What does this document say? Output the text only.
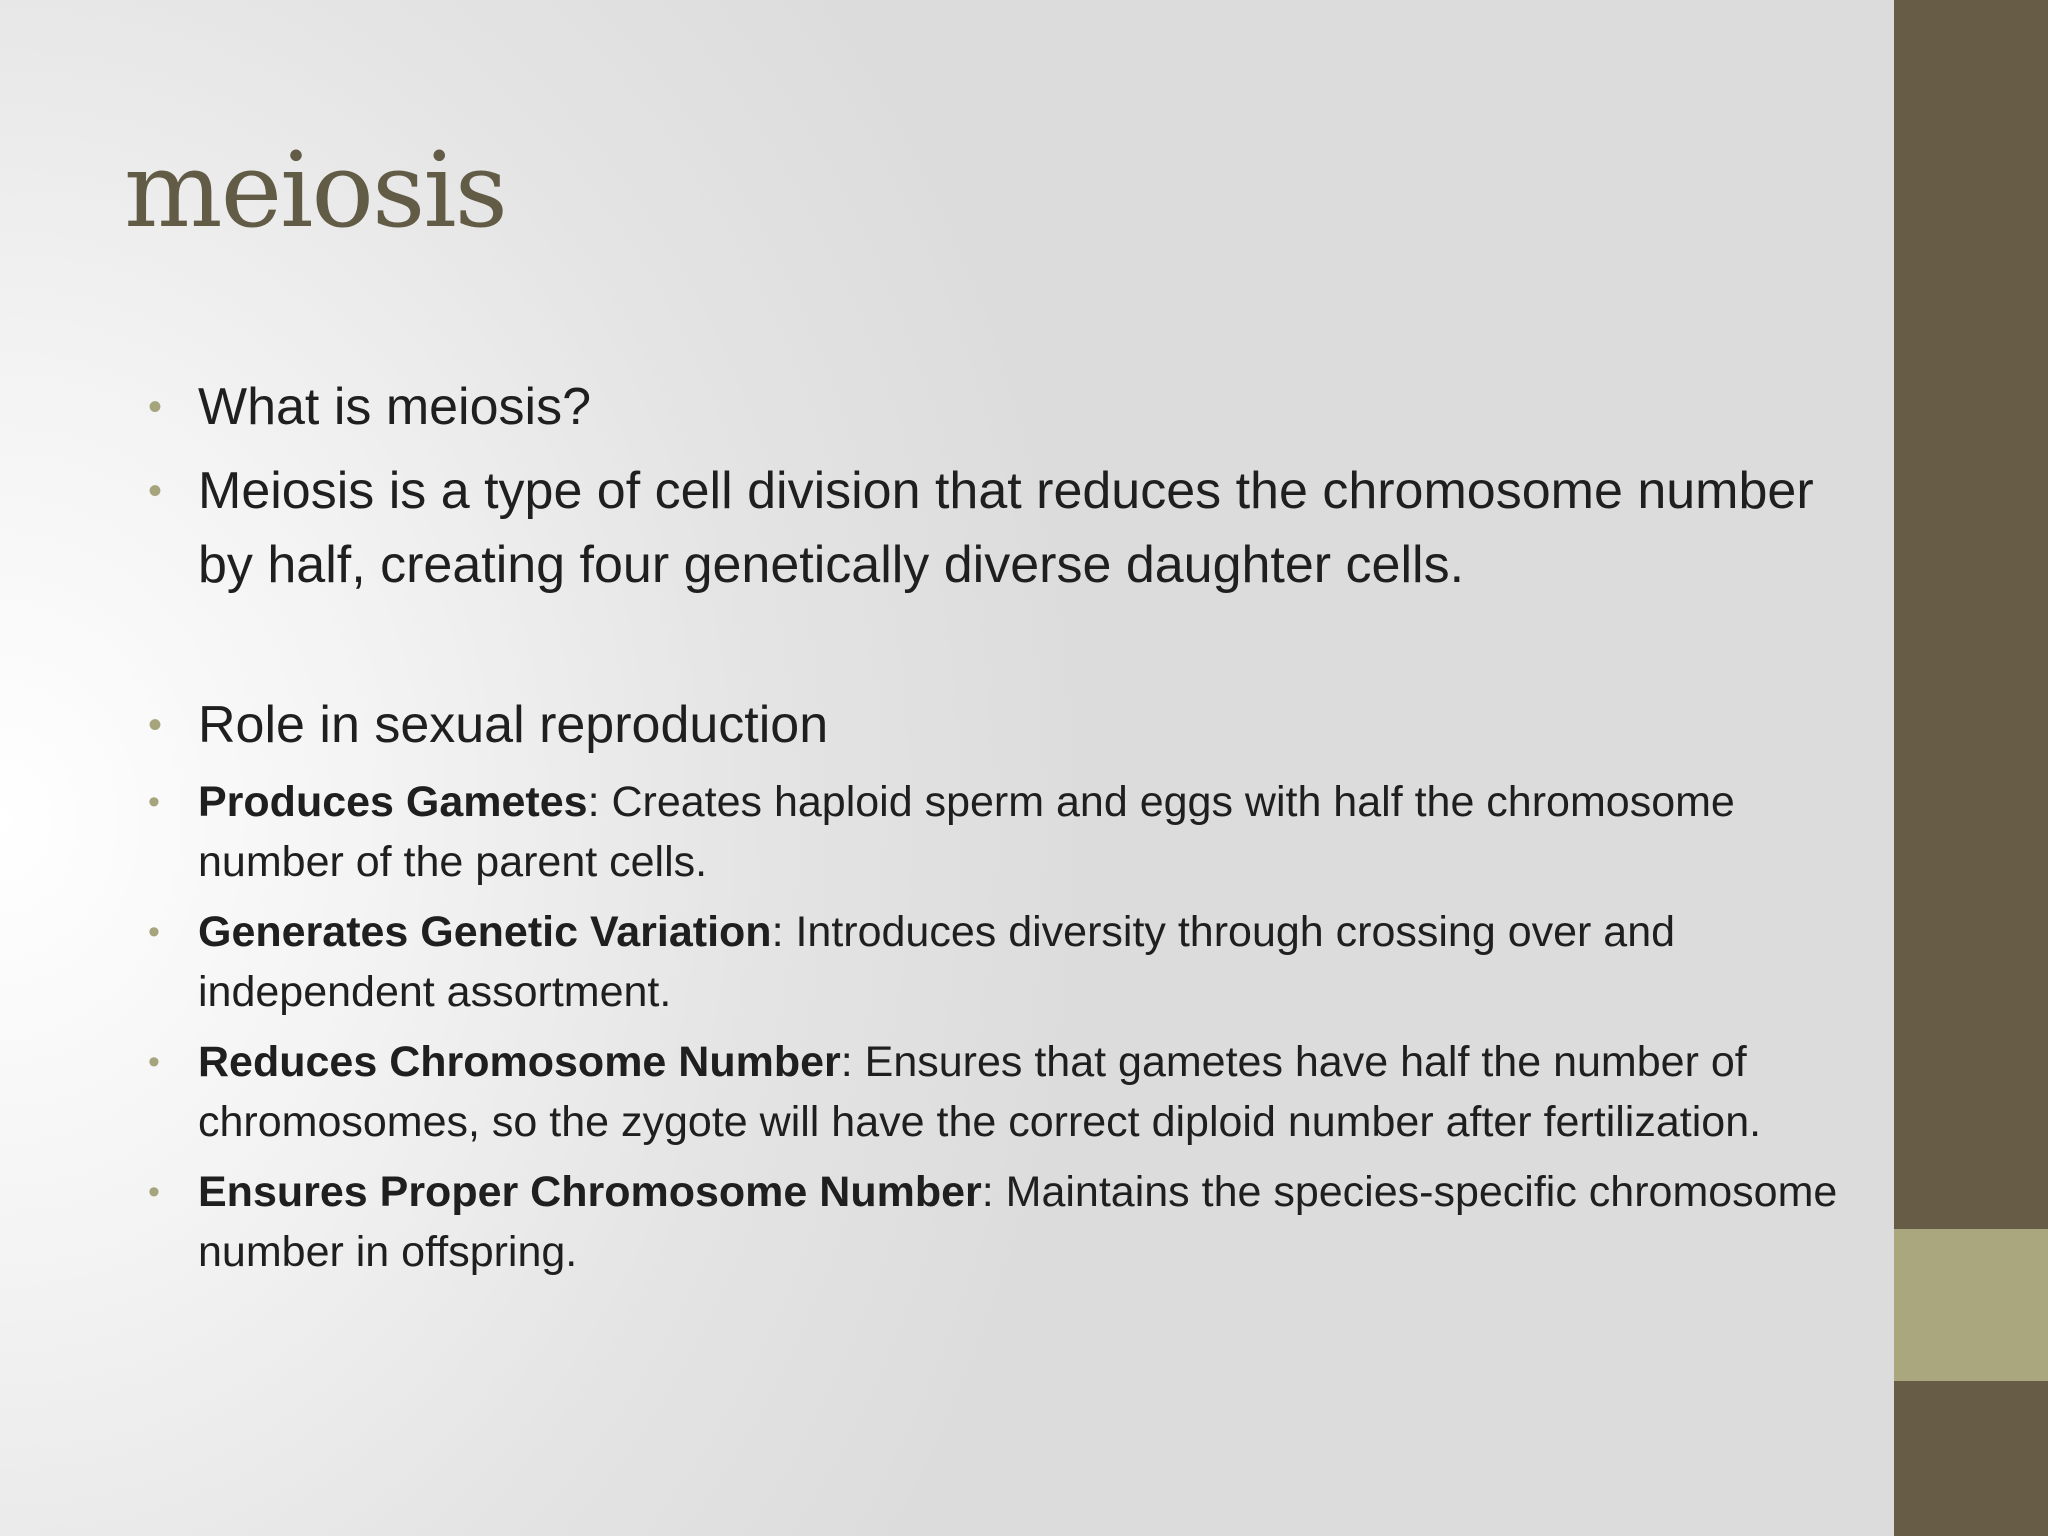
meiosis
• What is meiosis?
• Meiosis is a type of cell division that reduces the chromosome number by half, creating four genetically diverse daughter cells.
• Role in sexual reproduction
• Produces Gametes: Creates haploid sperm and eggs with half the chromosome number of the parent cells.
• Generates Genetic Variation: Introduces diversity through crossing over and independent assortment.
• Reduces Chromosome Number: Ensures that gametes have half the number of chromosomes, so the zygote will have the correct diploid number after fertilization.
• Ensures Proper Chromosome Number: Maintains the species-specific chromosome number in offspring.
